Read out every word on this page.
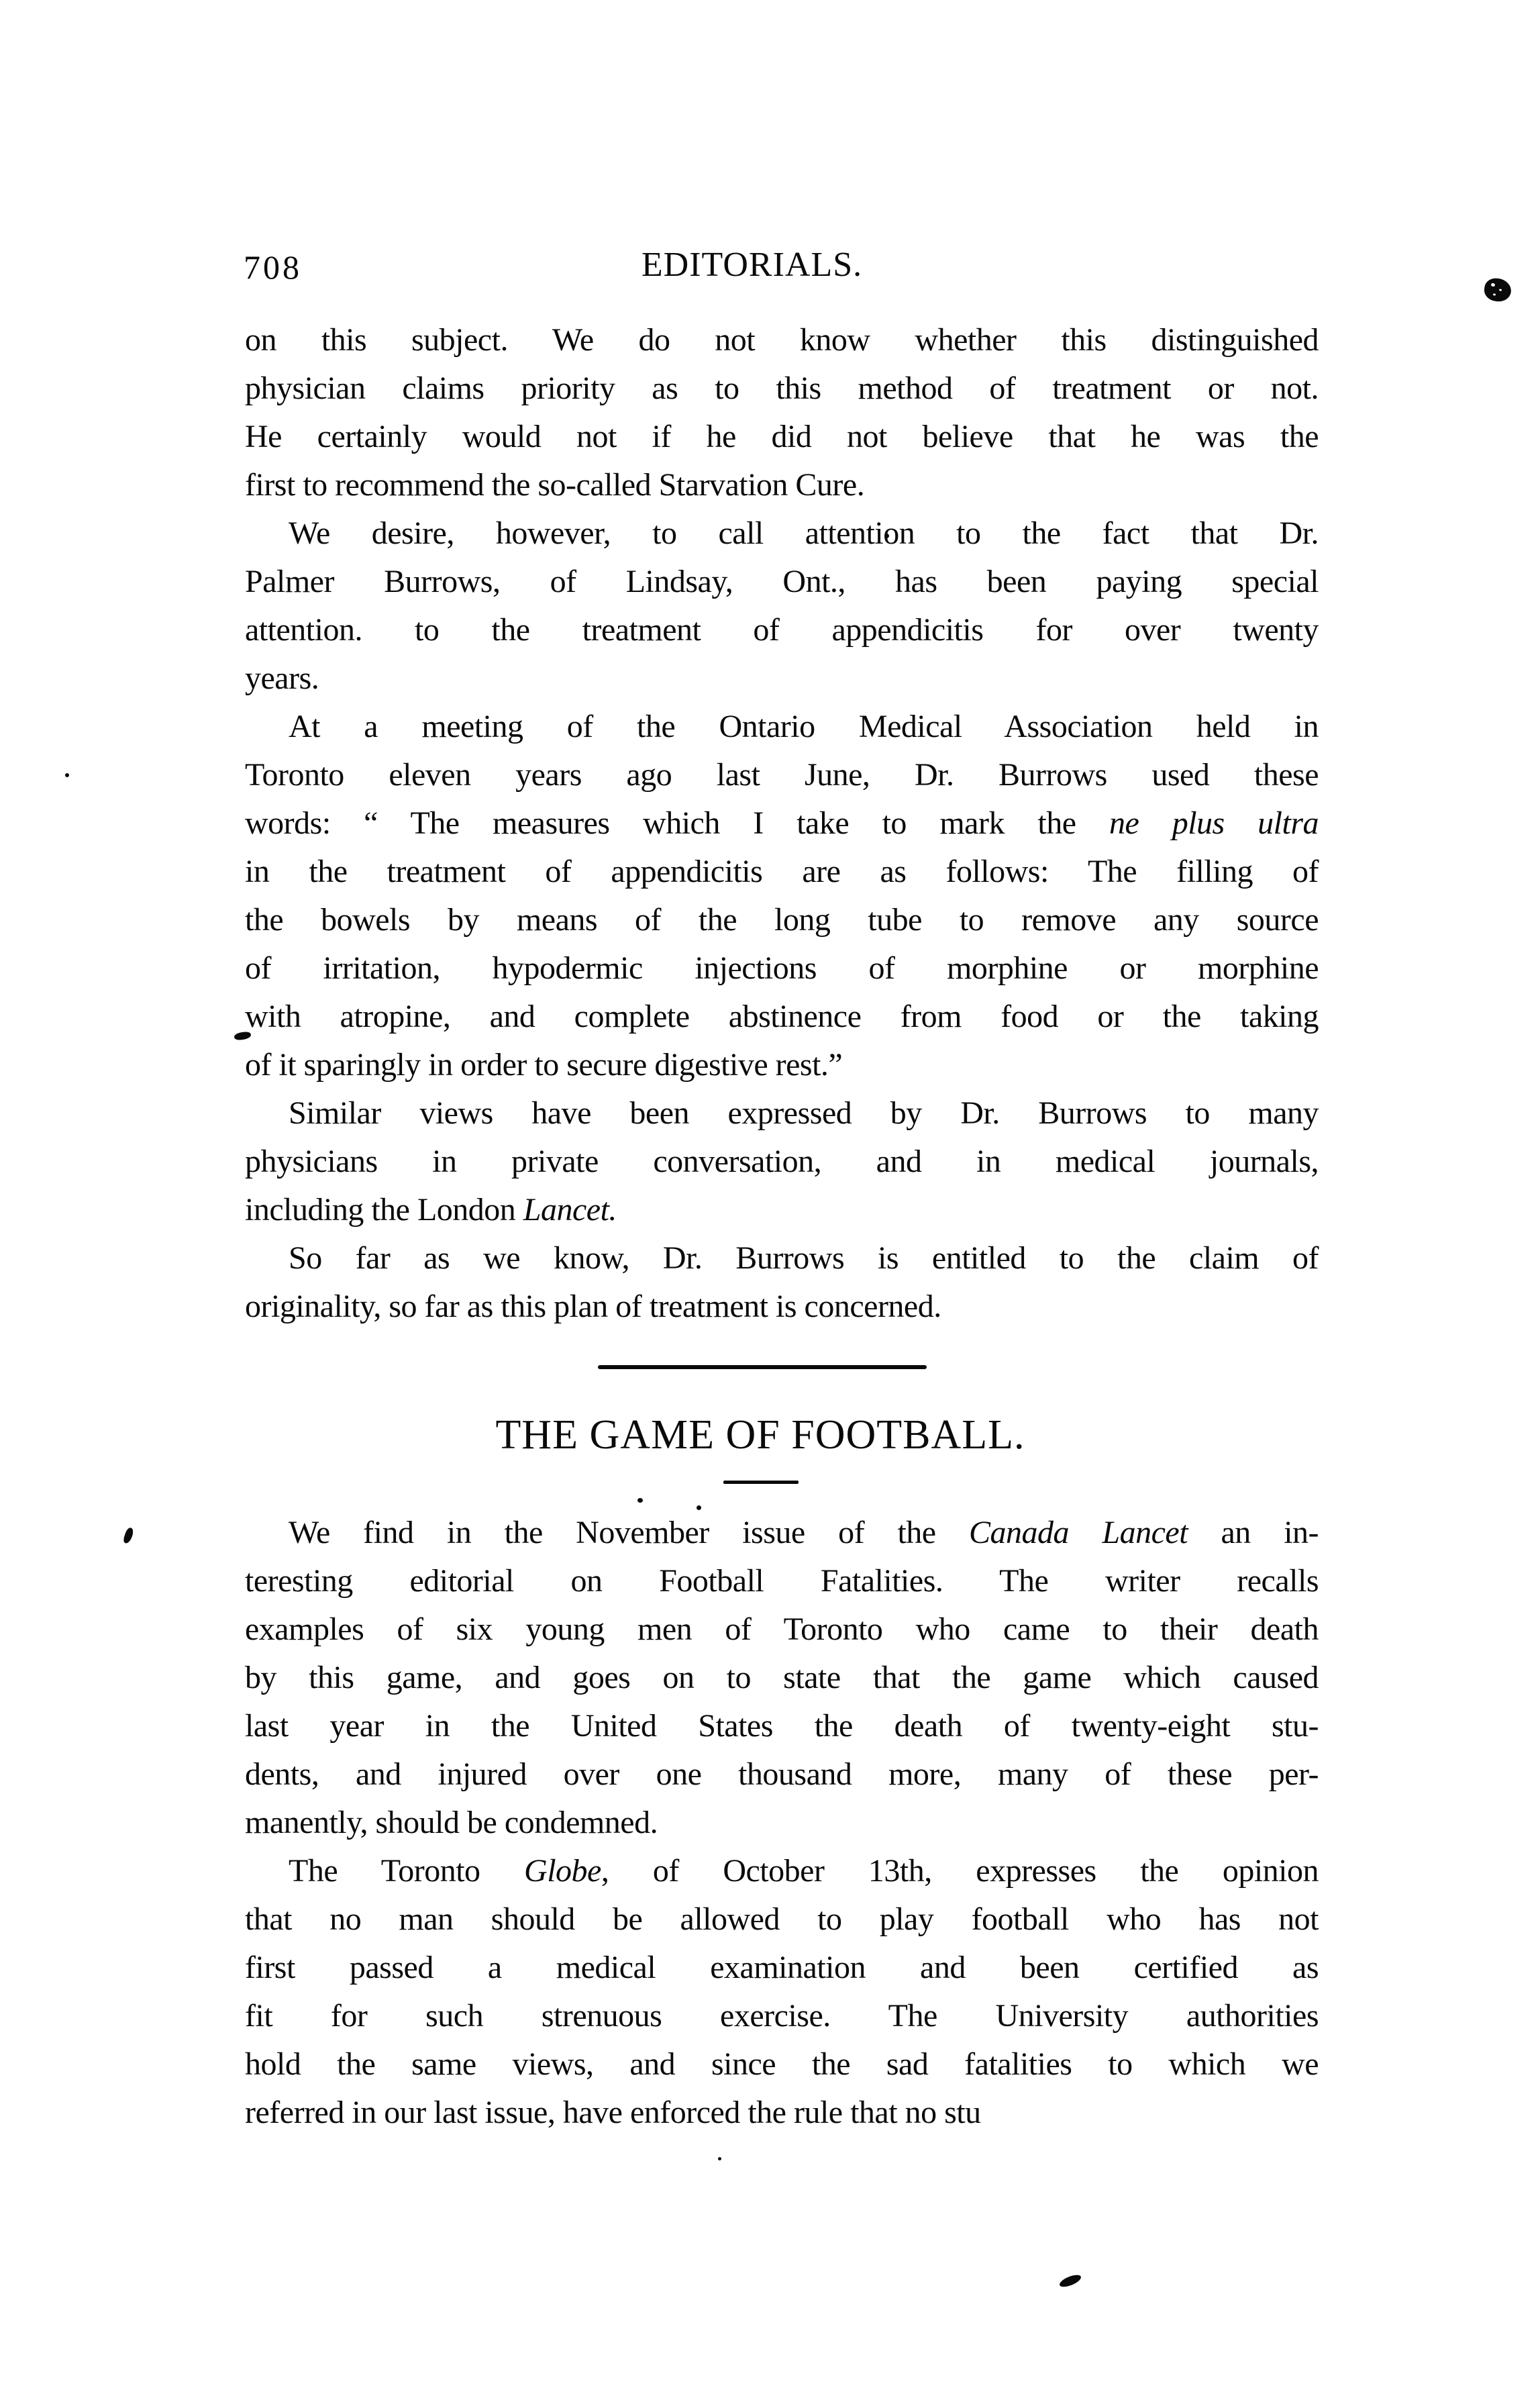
708	EDITORIALS.

on this subject. We do not know whether this distinguished
physician claims priority as to this method of treatment or not.
He certainly would not if he did not believe that he was the
first to recommend the so-called Starvation Cure.

We desire, however, to call attention to the fact that Dr.
Palmer Burrows, of Lindsay, Ont., has been paying special
attention. to the treatment of appendicitis for over twenty
years.

At a meeting of the Ontario Medical Association held in
Toronto eleven years ago last June, Dr. Burrows used these
words: “ The measures which I take to mark the ne plus ultra
in the treatment of appendicitis are as follows: The filling of
the bowels by means of the long tube to remove any source
of irritation, hypodermic injections of morphine or morphine
with atropine, and complete abstinence from food or the taking
of it sparingly in order to secure digestive rest.”

Similar views have been expressed by Dr. Burrows to many
physicians in private conversation, and in medical journals,
including the London Lancet.

So far as we know, Dr. Burrows is entitled to the claim of
originality, so far as this plan of treatment is concerned.

THE GAME OF FOOTBALL.

We find in the November issue of the Canada Lancet an in-
teresting editorial on Football Fatalities. The writer recalls
examples of six young men of Toronto who came to their death
by this game, and goes on to state that the game which caused
last year in the United States the death of twenty-eight stu-
dents, and injured over one thousand more, many of these per-
manently, should be condemned.

The Toronto Globe, of October 13th, expresses the opinion
that no man should be allowed to play football who has not
first passed a medical examination and been certified as
fit for such strenuous exercise. The University authorities
hold the same views, and since the sad fatalities to which we
referred in our last issue, have enforced the rule that no stu
